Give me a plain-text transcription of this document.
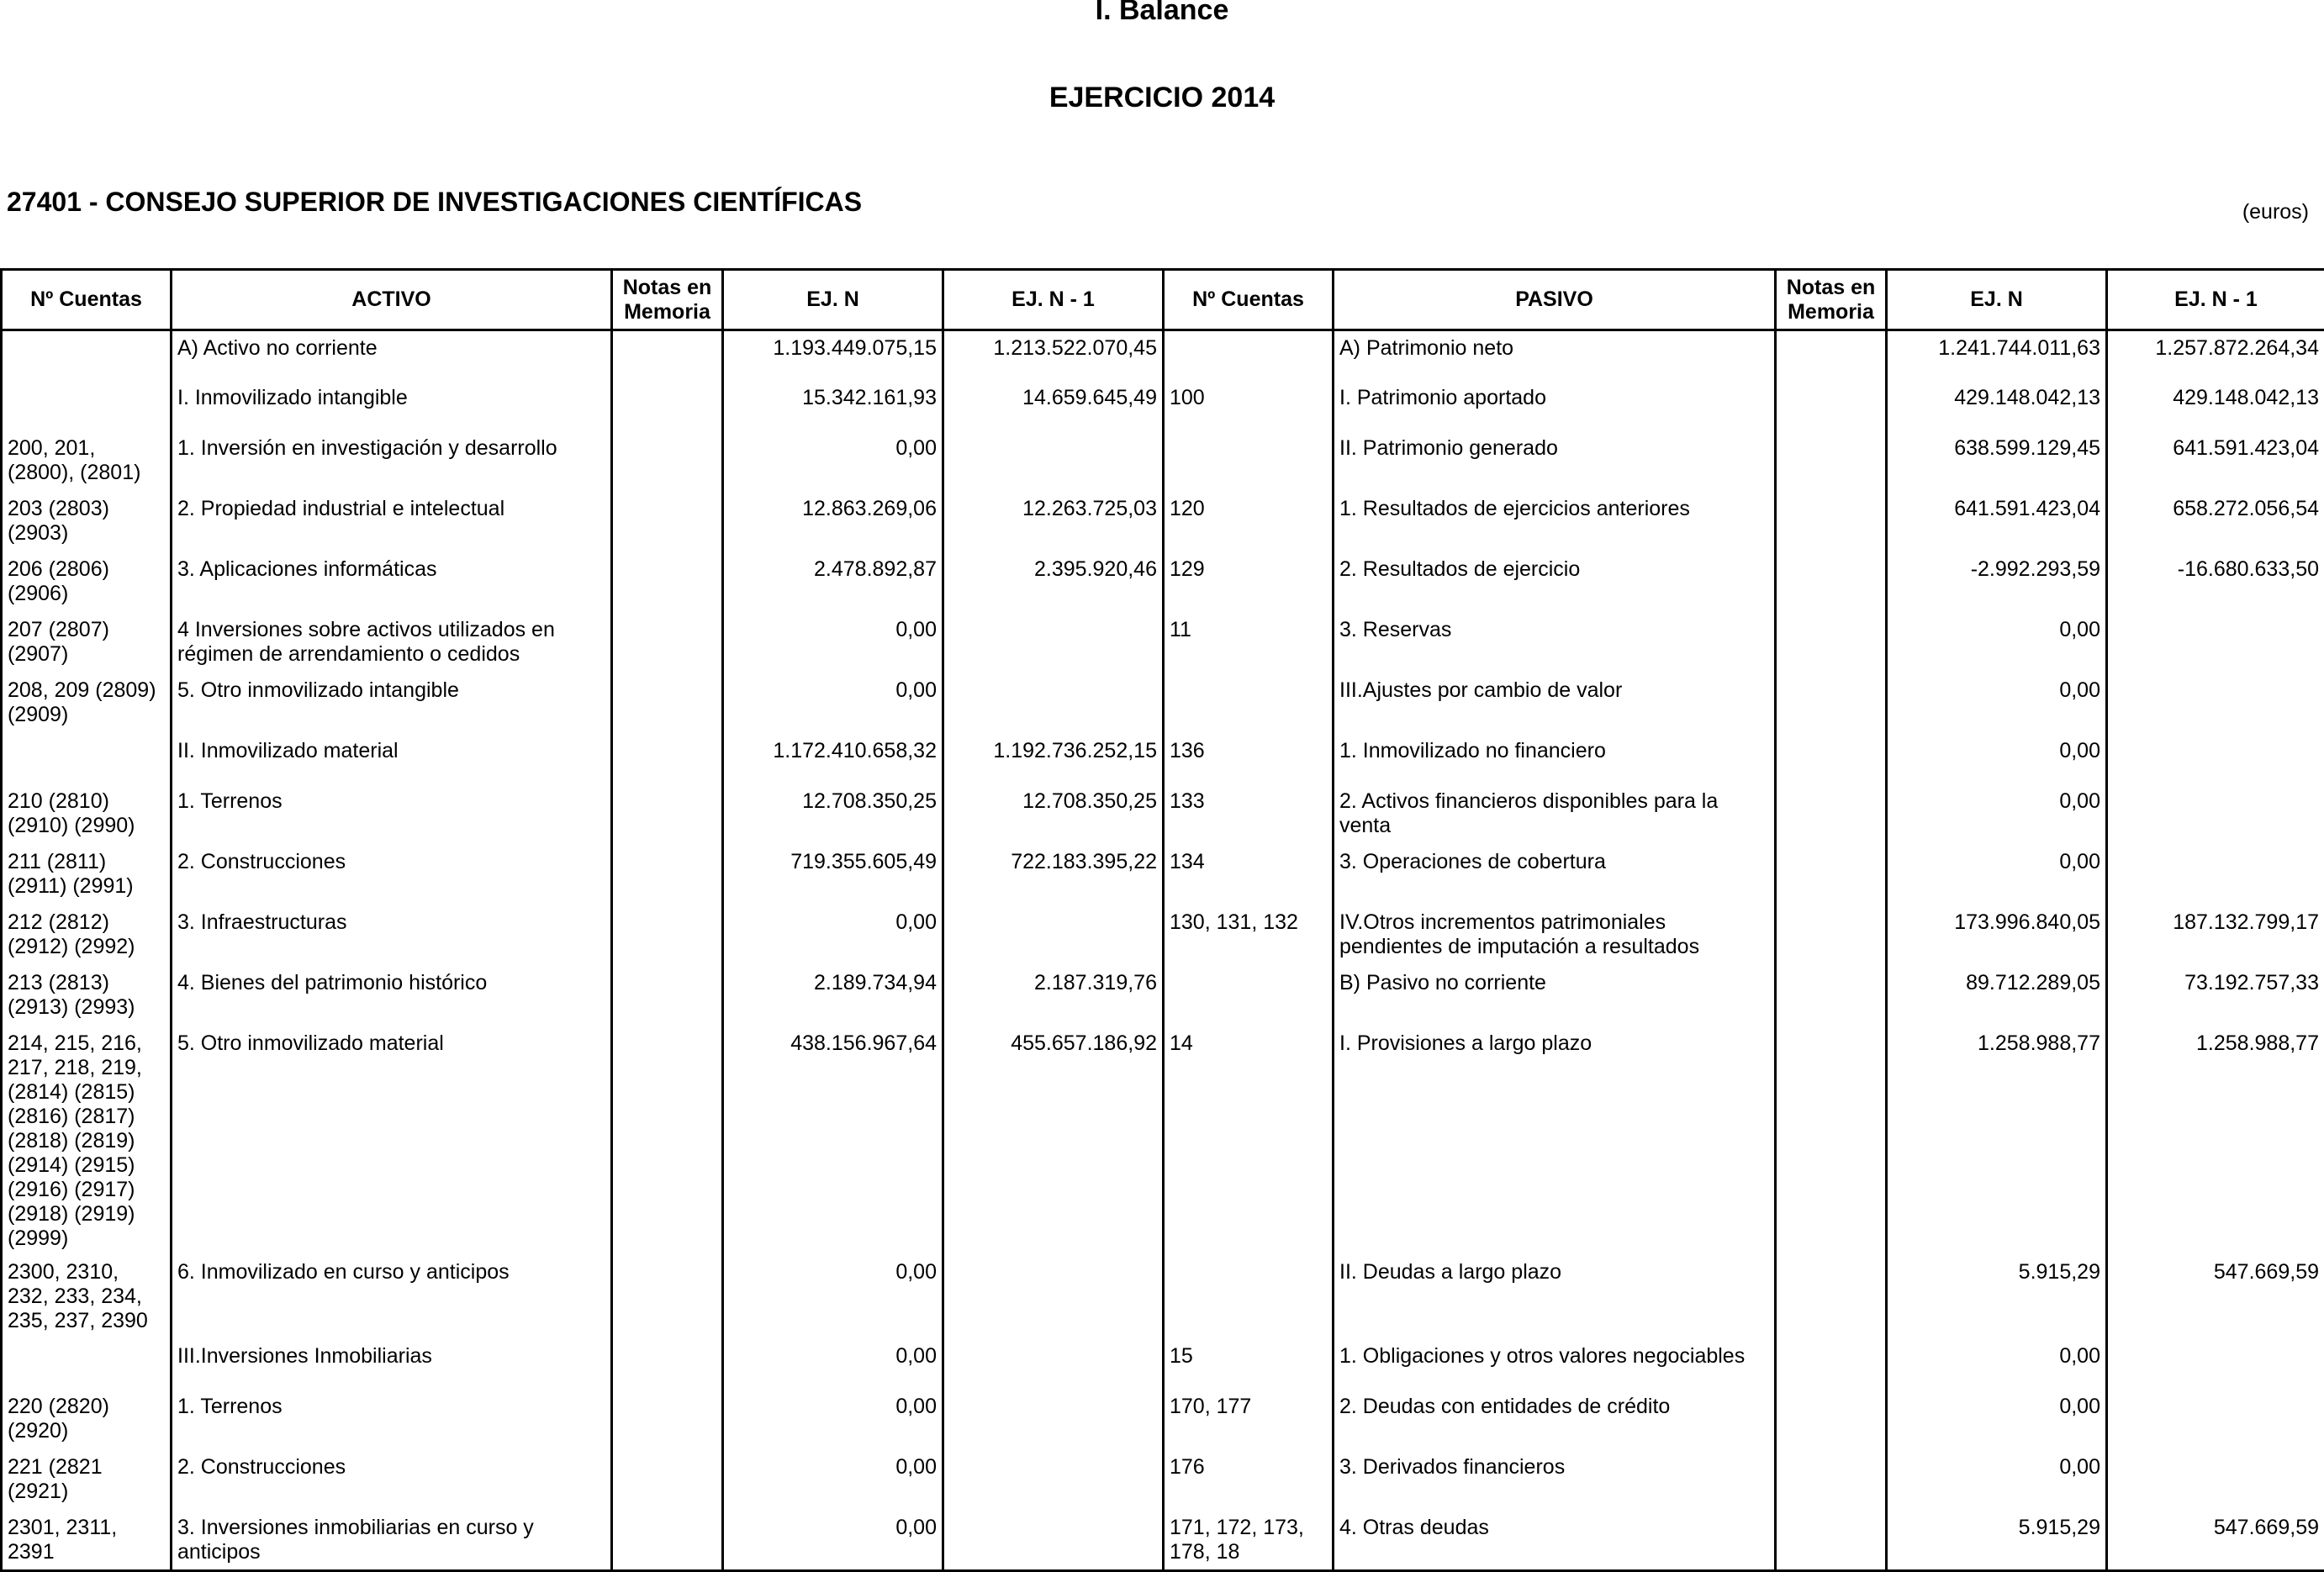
I. Balance
EJERCICIO 2014
27401 - CONSEJO SUPERIOR DE INVESTIGACIONES CIENTÍFICAS	(euros)
Nº Cuentas	ACTIVO	Notas en Memoria	EJ. N	EJ. N - 1	Nº Cuentas	PASIVO	Notas en Memoria	EJ. N	EJ. N - 1
	A) Activo no corriente		1.193.449.075,15	1.213.522.070,45		A) Patrimonio neto		1.241.744.011,63	1.257.872.264,34
	I. Inmovilizado intangible		15.342.161,93	14.659.645,49	100	I. Patrimonio aportado		429.148.042,13	429.148.042,13
200, 201, (2800), (2801)	1. Inversión en investigación y desarrollo		0,00			II. Patrimonio generado		638.599.129,45	641.591.423,04
203 (2803) (2903)	2. Propiedad industrial e intelectual		12.863.269,06	12.263.725,03	120	1. Resultados de ejercicios anteriores		641.591.423,04	658.272.056,54
206 (2806) (2906)	3. Aplicaciones informáticas		2.478.892,87	2.395.920,46	129	2. Resultados de ejercicio		-2.992.293,59	-16.680.633,50
207 (2807) (2907)	4 Inversiones sobre activos utilizados en régimen de arrendamiento o cedidos		0,00		11	3. Reservas		0,00	
208, 209 (2809) (2909)	5. Otro inmovilizado intangible		0,00			III.Ajustes por cambio de valor		0,00	
	II. Inmovilizado material		1.172.410.658,32	1.192.736.252,15	136	1. Inmovilizado no financiero		0,00	
210 (2810) (2910) (2990)	1. Terrenos		12.708.350,25	12.708.350,25	133	2. Activos financieros disponibles para la venta		0,00	
211 (2811) (2911) (2991)	2. Construcciones		719.355.605,49	722.183.395,22	134	3. Operaciones de cobertura		0,00	
212 (2812) (2912) (2992)	3. Infraestructuras		0,00		130, 131, 132	IV.Otros incrementos patrimoniales pendientes de imputación a resultados		173.996.840,05	187.132.799,17
213 (2813) (2913) (2993)	4. Bienes del patrimonio histórico		2.189.734,94	2.187.319,76		B) Pasivo no corriente		89.712.289,05	73.192.757,33
214, 215, 216, 217, 218, 219, (2814) (2815) (2816) (2817) (2818) (2819) (2914) (2915) (2916) (2917) (2918) (2919) (2999)	5. Otro inmovilizado material		438.156.967,64	455.657.186,92	14	I. Provisiones a largo plazo		1.258.988,77	1.258.988,77
2300, 2310, 232, 233, 234, 235, 237, 2390	6. Inmovilizado en curso y anticipos		0,00			II. Deudas a largo plazo		5.915,29	547.669,59
	III.Inversiones Inmobiliarias		0,00		15	1. Obligaciones y otros valores negociables		0,00	
220 (2820) (2920)	1. Terrenos		0,00		170, 177	2. Deudas con entidades de crédito		0,00	
221 (2821 (2921)	2. Construcciones		0,00		176	3. Derivados financieros		0,00	
2301, 2311, 2391	3. Inversiones inmobiliarias en curso y anticipos		0,00		171, 172, 173, 178, 18	4. Otras deudas		5.915,29	547.669,59
